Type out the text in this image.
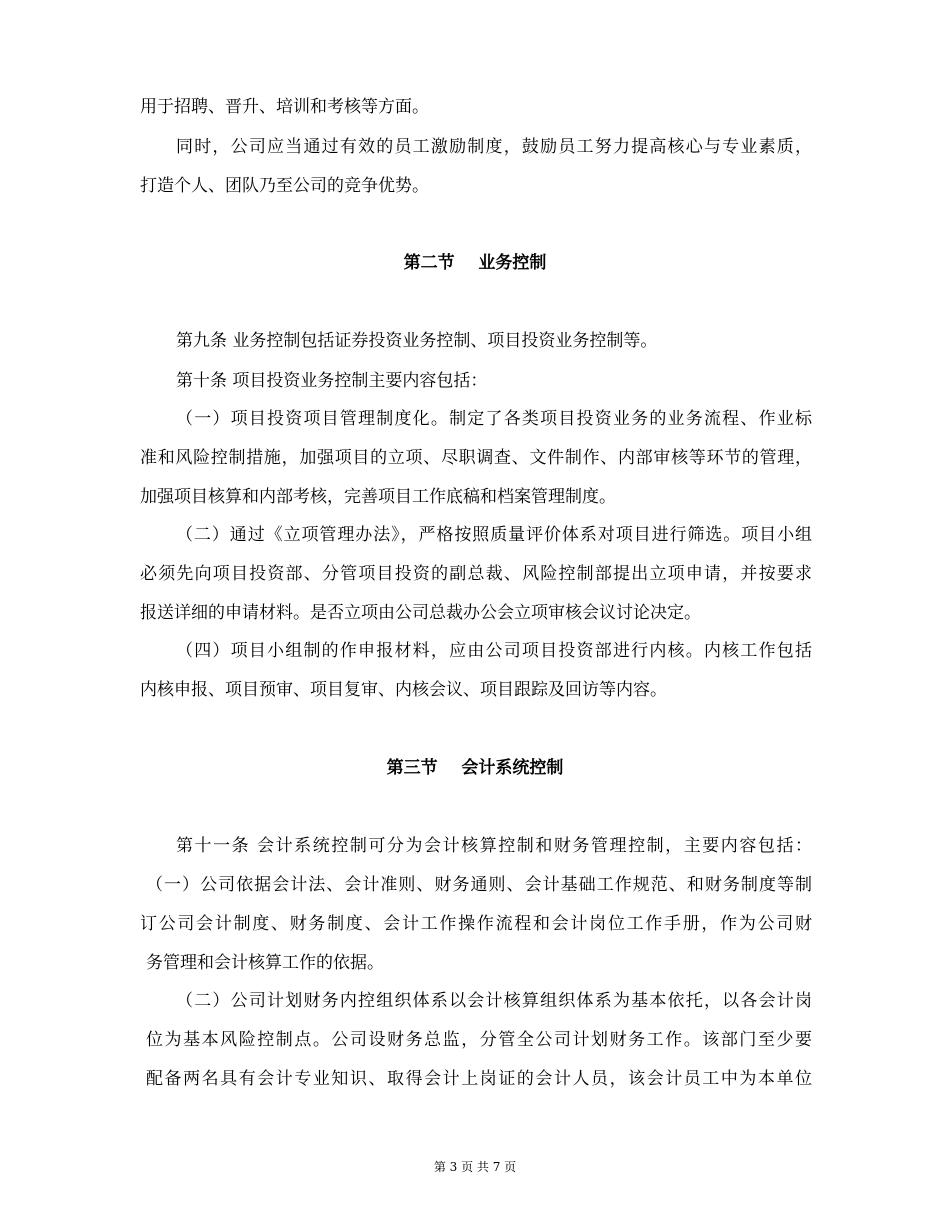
用于招聘、晋升、培训和考核等方面。
同时，公司应当通过有效的员工激励制度，鼓励员工努力提高核心与专业素质，
打造个人、团队乃至公司的竞争优势。
第二节    业务控制
第九条 业务控制包括证券投资业务控制、项目投资业务控制等。
第十条 项目投资业务控制主要内容包括：
（一）项目投资项目管理制度化。制定了各类项目投资业务的业务流程、作业标
准和风险控制措施，加强项目的立项、尽职调查、文件制作、内部审核等环节的管理，
加强项目核算和内部考核，完善项目工作底稿和档案管理制度。
（二）通过《立项管理办法》，严格按照质量评价体系对项目进行筛选。项目小组
必须先向项目投资部、分管项目投资的副总裁、风险控制部提出立项申请，并按要求
报送详细的申请材料。是否立项由公司总裁办公会立项审核会议讨论决定。
（四）项目小组制的作申报材料，应由公司项目投资部进行内核。内核工作包括
内核申报、项目预审、项目复审、内核会议、项目跟踪及回访等内容。
第三节    会计系统控制
第十一条 会计系统控制可分为会计核算控制和财务管理控制，主要内容包括：
（一）公司依据会计法、会计准则、财务通则、会计基础工作规范、和财务制度等制
订公司会计制度、财务制度、会计工作操作流程和会计岗位工作手册，作为公司财
务管理和会计核算工作的依据。
（二）公司计划财务内控组织体系以会计核算组织体系为基本依托，以各会计岗
位为基本风险控制点。公司设财务总监，分管全公司计划财务工作。该部门至少要
配备两名具有会计专业知识、取得会计上岗证的会计人员，该会计员工中为本单位
第 3 页 共 7 页
